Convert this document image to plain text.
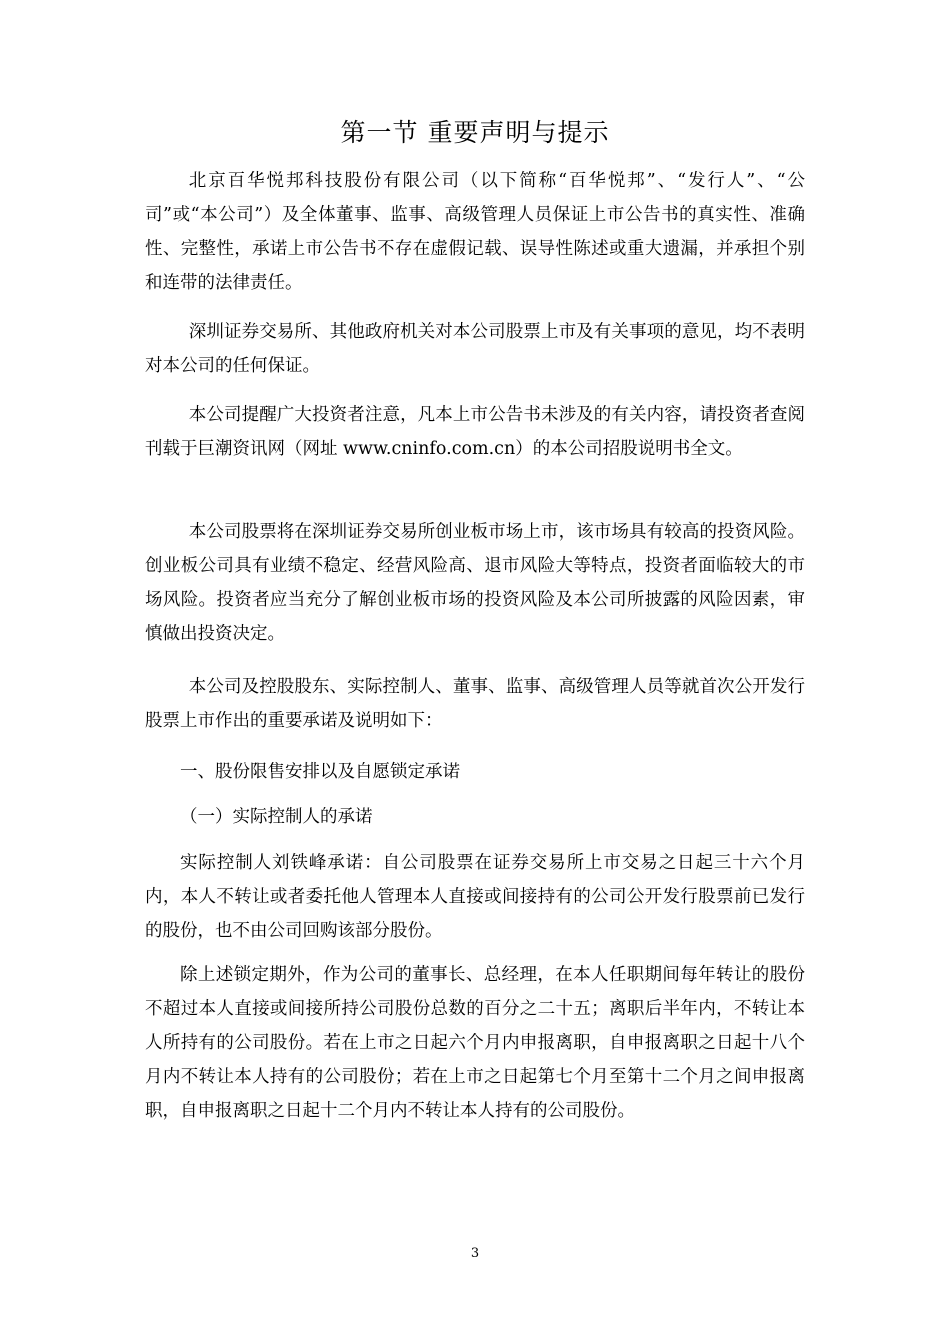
第一节 重要声明与提示

北京百华悦邦科技股份有限公司（以下简称“百华悦邦”、“发行人”、“公司”或“本公司”）及全体董事、监事、高级管理人员保证上市公告书的真实性、准确性、完整性，承诺上市公告书不存在虚假记载、误导性陈述或重大遗漏，并承担个别和连带的法律责任。

深圳证券交易所、其他政府机关对本公司股票上市及有关事项的意见，均不表明对本公司的任何保证。

本公司提醒广大投资者注意，凡本上市公告书未涉及的有关内容，请投资者查阅刊载于巨潮资讯网（网址 www.cninfo.com.cn）的本公司招股说明书全文。

本公司股票将在深圳证券交易所创业板市场上市，该市场具有较高的投资风险。创业板公司具有业绩不稳定、经营风险高、退市风险大等特点，投资者面临较大的市场风险。投资者应当充分了解创业板市场的投资风险及本公司所披露的风险因素，审慎做出投资决定。

本公司及控股股东、实际控制人、董事、监事、高级管理人员等就首次公开发行股票上市作出的重要承诺及说明如下：

一、股份限售安排以及自愿锁定承诺

（一）实际控制人的承诺

实际控制人刘铁峰承诺：自公司股票在证券交易所上市交易之日起三十六个月内，本人不转让或者委托他人管理本人直接或间接持有的公司公开发行股票前已发行的股份，也不由公司回购该部分股份。

除上述锁定期外，作为公司的董事长、总经理，在本人任职期间每年转让的股份不超过本人直接或间接所持公司股份总数的百分之二十五；离职后半年内，不转让本人所持有的公司股份。若在上市之日起六个月内申报离职，自申报离职之日起十八个月内不转让本人持有的公司股份；若在上市之日起第七个月至第十二个月之间申报离职，自申报离职之日起十二个月内不转让本人持有的公司股份。

3
